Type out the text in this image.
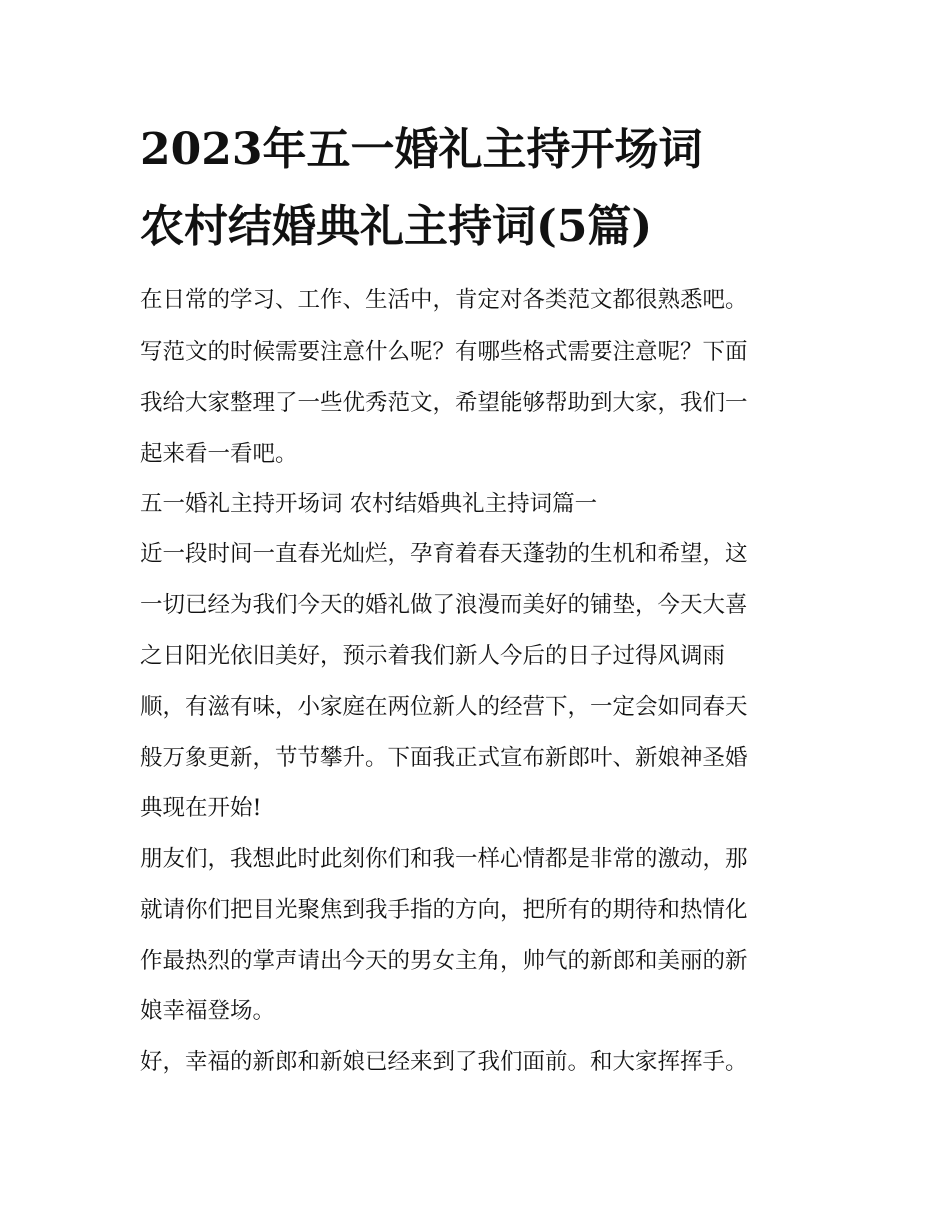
2023年五一婚礼主持开场词
农村结婚典礼主持词(5篇)
在日常的学习、工作、生活中，肯定对各类范文都很熟悉吧。
写范文的时候需要注意什么呢？有哪些格式需要注意呢？下面
我给大家整理了一些优秀范文，希望能够帮助到大家，我们一
起来看一看吧。
五一婚礼主持开场词 农村结婚典礼主持词篇一
近一段时间一直春光灿烂，孕育着春天蓬勃的生机和希望，这
一切已经为我们今天的婚礼做了浪漫而美好的铺垫，今天大喜
之日阳光依旧美好，预示着我们新人今后的日子过得风调雨
顺，有滋有味，小家庭在两位新人的经营下，一定会如同春天
般万象更新，节节攀升。下面我正式宣布新郎叶、新娘神圣婚
典现在开始!
朋友们，我想此时此刻你们和我一样心情都是非常的激动，那
就请你们把目光聚焦到我手指的方向，把所有的期待和热情化
作最热烈的掌声请出今天的男女主角，帅气的新郎和美丽的新
娘幸福登场。
好，幸福的新郎和新娘已经来到了我们面前。和大家挥挥手。
